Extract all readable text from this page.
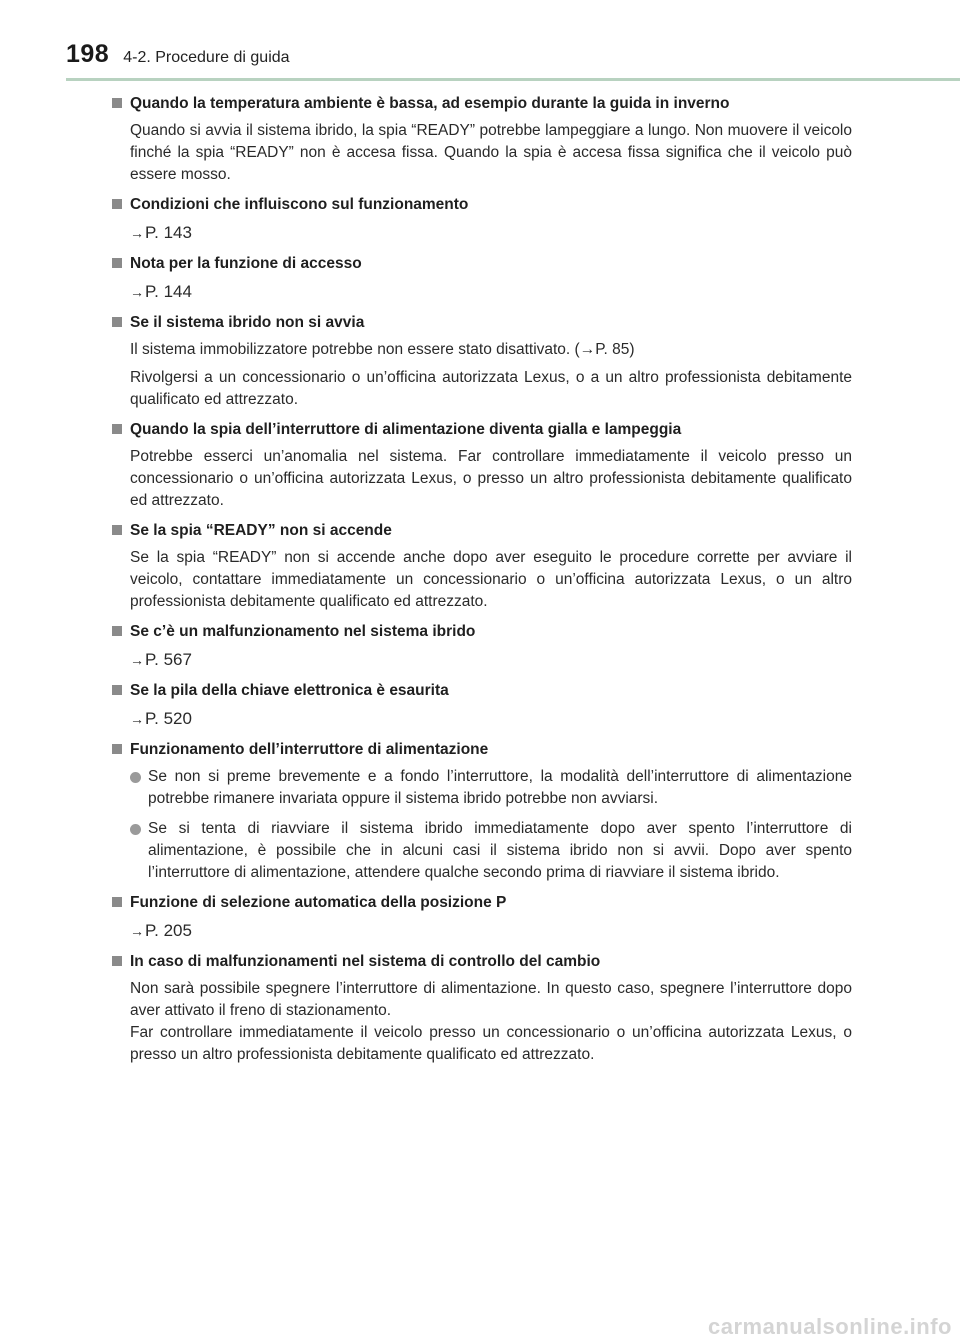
198 4-2. Procedure di guida
Quando la temperatura ambiente è bassa, ad esempio durante la guida in inverno

Quando si avvia il sistema ibrido, la spia “READY” potrebbe lampeggiare a lungo. Non muovere il veicolo finché la spia “READY” non è accesa fissa. Quando la spia è accesa fissa significa che il veicolo può essere mosso.

Condizioni che influiscono sul funzionamento
→P. 143
Nota per la funzione di accesso
→P. 144
Se il sistema ibrido non si avvia

Il sistema immobilizzatore potrebbe non essere stato disattivato. (→P. 85)

Rivolgersi a un concessionario o un’officina autorizzata Lexus, o a un altro professionista debitamente qualificato ed attrezzato.

Quando la spia dell’interruttore di alimentazione diventa gialla e lampeggia

Potrebbe esserci un’anomalia nel sistema. Far controllare immediatamente il veicolo presso un concessionario o un’officina autorizzata Lexus, o presso un altro professionista debitamente qualificato ed attrezzato.

Se la spia “READY” non si accende

Se la spia “READY” non si accende anche dopo aver eseguito le procedure corrette per avviare il veicolo, contattare immediatamente un concessionario o un’officina autorizzata Lexus, o un altro professionista debitamente qualificato ed attrezzato.

Se c’è un malfunzionamento nel sistema ibrido
→P. 567
Se la pila della chiave elettronica è esaurita
→P. 520
Funzionamento dell’interruttore di alimentazione
Se non si preme brevemente e a fondo l’interruttore, la modalità dell’interruttore di alimentazione potrebbe rimanere invariata oppure il sistema ibrido potrebbe non avviarsi.
Se si tenta di riavviare il sistema ibrido immediatamente dopo aver spento l’interruttore di alimentazione, è possibile che in alcuni casi il sistema ibrido non si avvii. Dopo aver spento l’interruttore di alimentazione, attendere qualche secondo prima di riavviare il sistema ibrido.
Funzione di selezione automatica della posizione P
→P. 205
In caso di malfunzionamenti nel sistema di controllo del cambio

Non sarà possibile spegnere l’interruttore di alimentazione. In questo caso, spegnere l’interruttore dopo aver attivato il freno di stazionamento.
Far controllare immediatamente il veicolo presso un concessionario o un’officina autorizzata Lexus, o presso un altro professionista debitamente qualificato ed attrezzato.

carmanualsonline.info
